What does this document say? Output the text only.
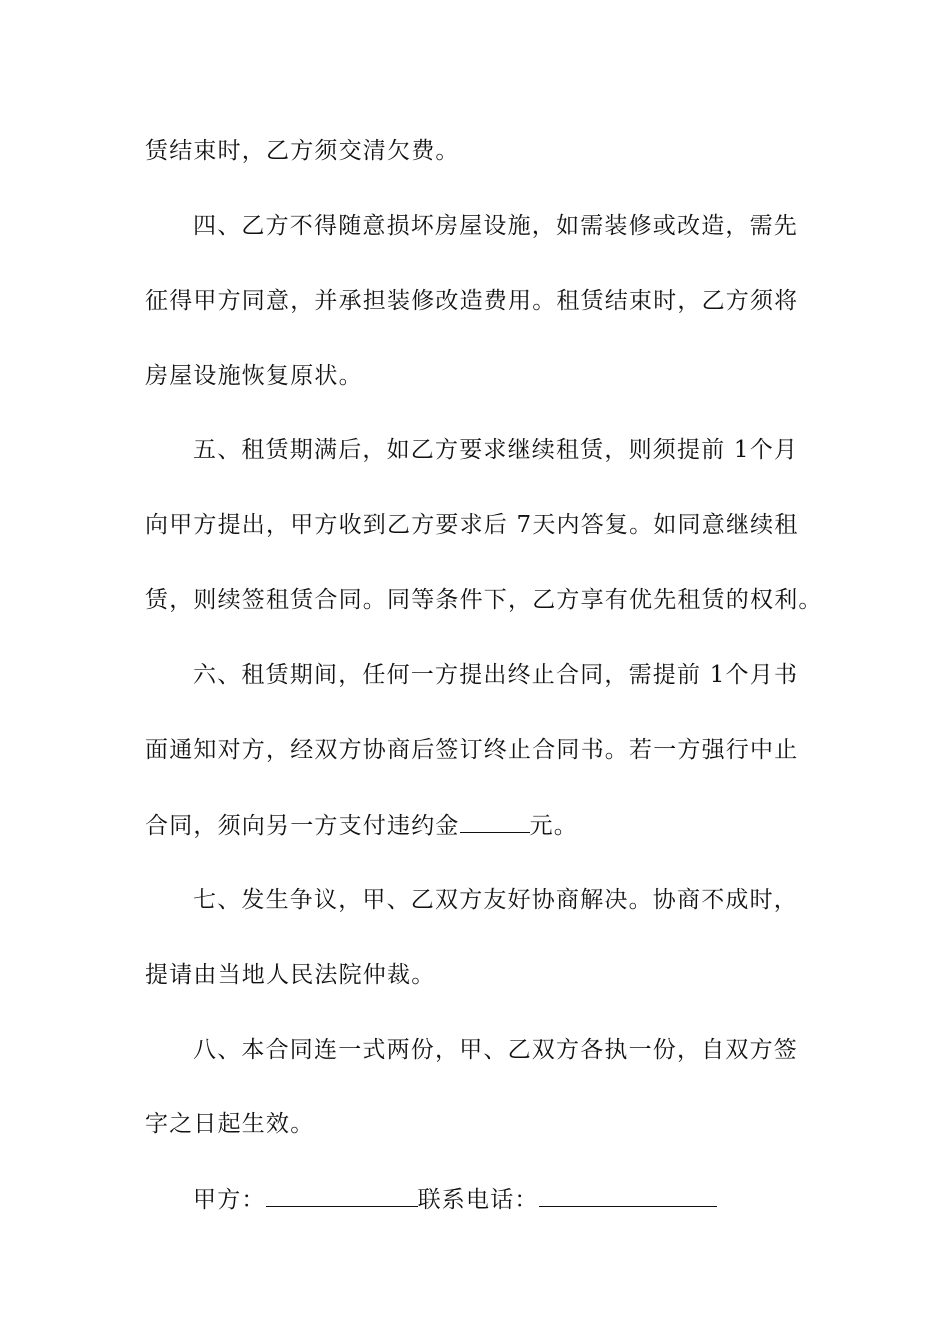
赁结束时，乙方须交清欠费。
四、乙方不得随意损坏房屋设施，如需装修或改造，需先
征得甲方同意，并承担装修改造费用。租赁结束时，乙方须将
房屋设施恢复原状。
五、租赁期满后，如乙方要求继续租赁，则须提前 1个月
向甲方提出，甲方收到乙方要求后 7天内答复。如同意继续租
赁，则续签租赁合同。同等条件下，乙方享有优先租赁的权利。
六、租赁期间，任何一方提出终止合同，需提前 1个月书
面通知对方，经双方协商后签订终止合同书。若一方强行中止
合同，须向另一方支付违约金	元。
七、发生争议，甲、乙双方友好协商解决。协商不成时，
提请由当地人民法院仲裁。
八、本合同连一式两份，甲、乙双方各执一份，自双方签
字之日起生效。
甲方：	联系电话：
